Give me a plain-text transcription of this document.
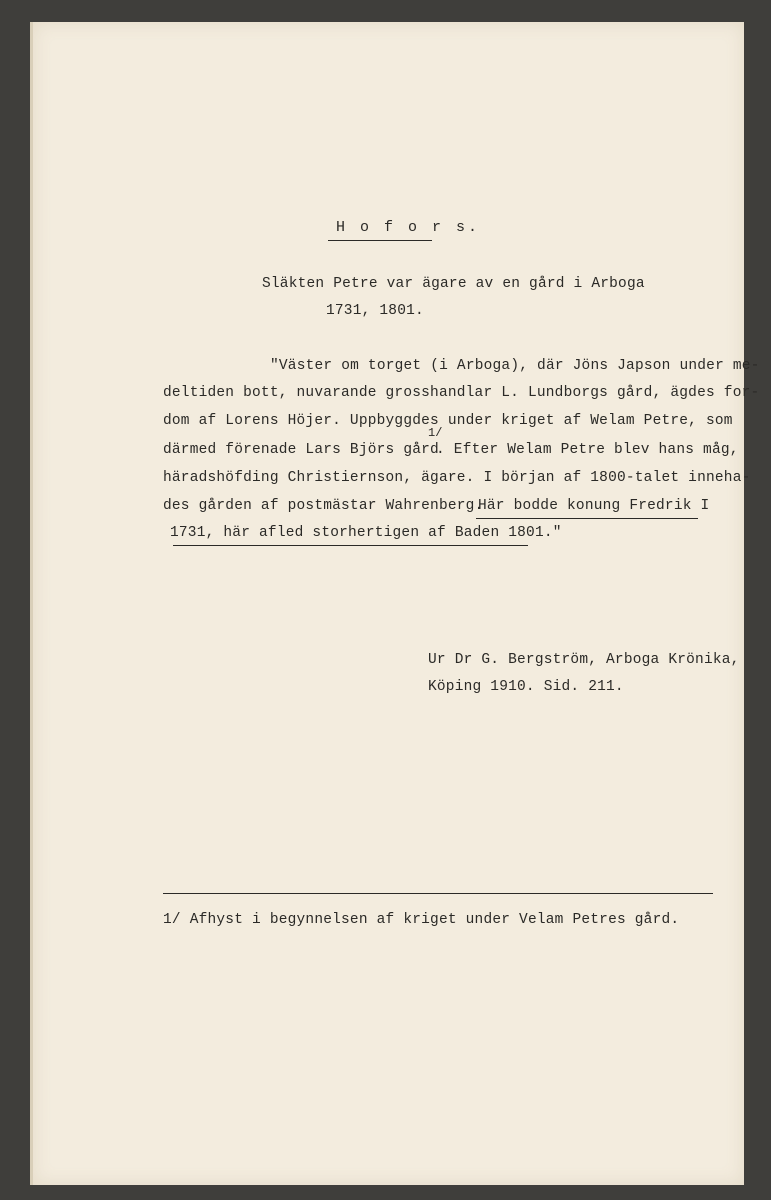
H o f o r s.
Släkten Petre var ägare av en gård i Arboga
1731, 1801.
"Väster om torget (i Arboga), där Jöns Japson under me-
deltiden bott, nuvarande grosshandlar L. Lundborgs gård, ägdes for-
dom af Lorens Höjer. Uppbyggdes under kriget af Welam Petre, som
därmed förenade Lars Björs gård
1/
. Efter Welam Petre blev hans måg,
häradshöfding Christiernson, ägare. I början af 1800-talet inneha-
des gården af postmästar Wahrenberg.
Här bodde konung Fredrik I
1731, här afled storhertigen af Baden 1801."
Ur Dr G. Bergström, Arboga Krönika,
Köping 1910. Sid. 211.
1/ Afhyst i begynnelsen af kriget under Velam Petres gård.
